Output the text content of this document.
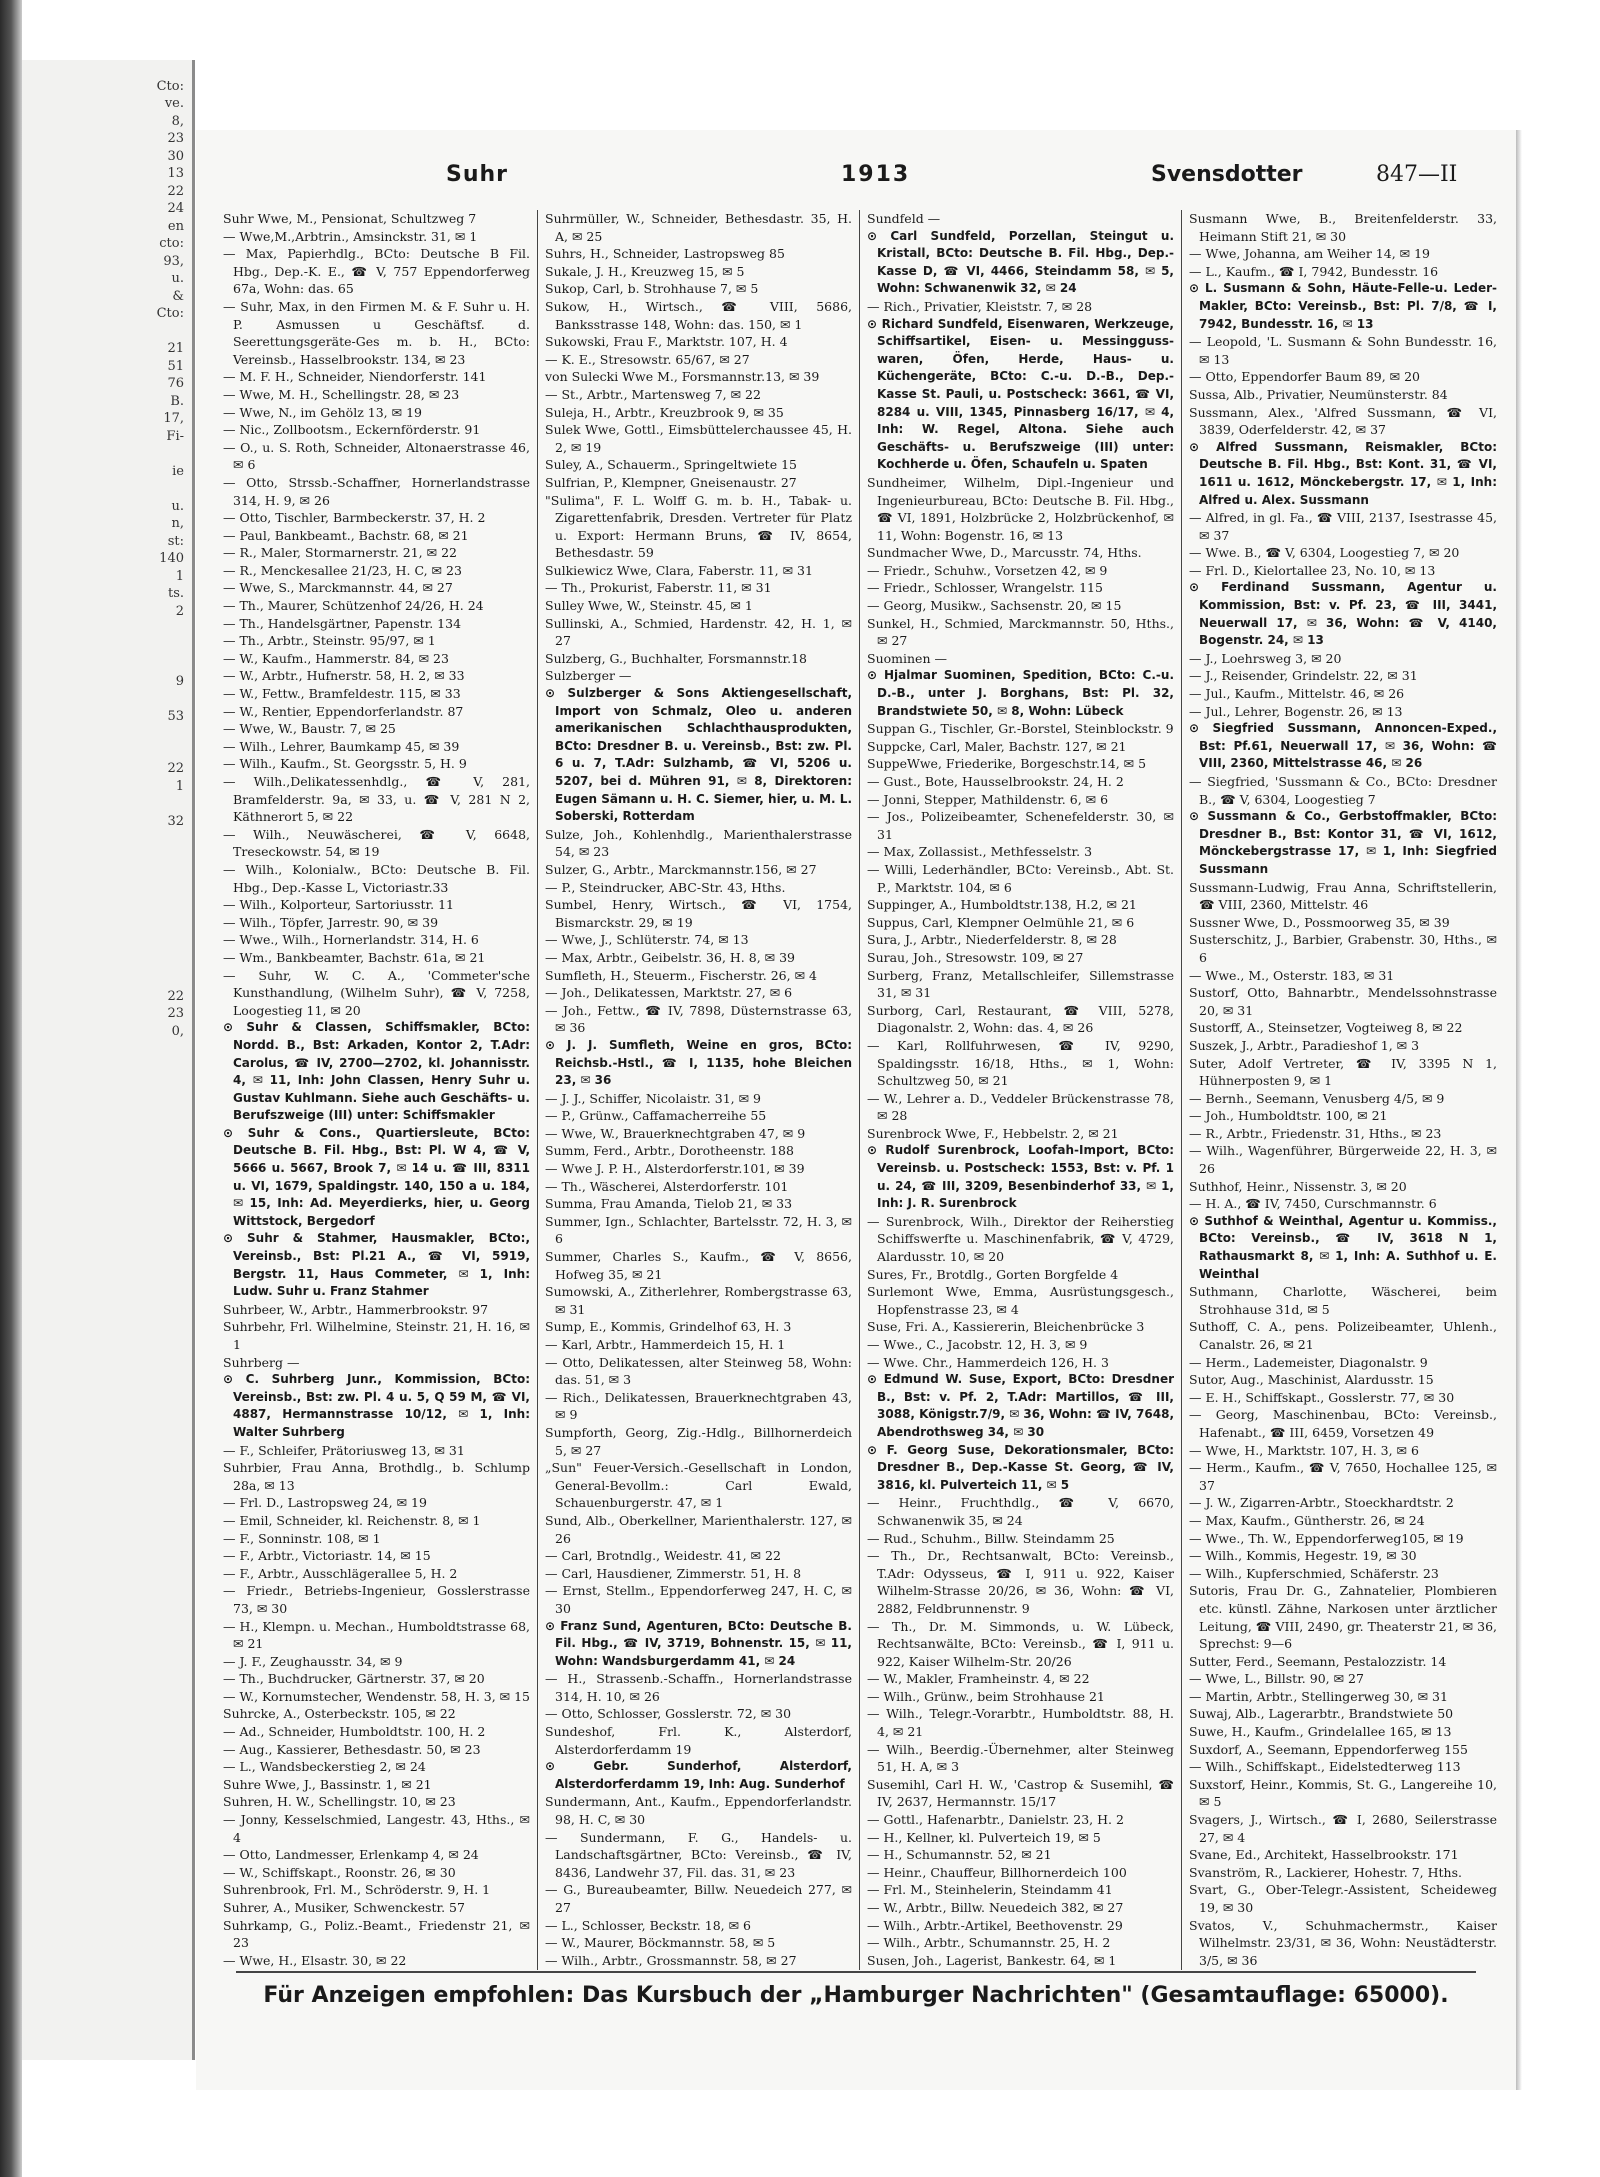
Cto:
ve.
8,
23
30
13
22
24
en
cto:
93,
u.
&
Cto:

21
51
76
B.
17,
Fi-

ie

u.
n,
st:
140
1
ts.
2

9

53

22
1

32

22
23
0,

Suhr	1913	Svensdotter	847—II
Suhr Wwe, M., Pensionat, Schultzweg 7
— Wwe,M.,Arbtrin., Amsinckstr. 31, ✉ 1
— Max, Papierhdlg., BCto: Deutsche B Fil. Hbg., Dep.-K. E., ☎ V, 757 Eppendorferweg 67a, Wohn: das. 65
— Suhr, Max, in den Firmen M. & F. Suhr u. H. P. Asmussen u Geschäftsf. d. Seerettungsgeräte-Ges m. b. H., BCto: Vereinsb., Hasselbrookstr. 134, ✉ 23
— M. F. H., Schneider, Niendorferstr. 141
— Wwe, M. H., Schellingstr. 28, ✉ 23
— Wwe, N., im Gehölz 13, ✉ 19
— Nic., Zollbootsm., Eckernförderstr. 91
— O., u. S. Roth, Schneider, Altonaerstrasse 46, ✉ 6
— Otto, Strssb.-Schaffner, Hornerlandstrasse 314, H. 9, ✉ 26
— Otto, Tischler, Barmbeckerstr. 37, H. 2
— Paul, Bankbeamt., Bachstr. 68, ✉ 21
— R., Maler, Stormarnerstr. 21, ✉ 22
— R., Menckesallee 21/23, H. C, ✉ 23
— Wwe, S., Marckmannstr. 44, ✉ 27
— Th., Maurer, Schützenhof 24/26, H. 24
— Th., Handelsgärtner, Papenstr. 134
— Th., Arbtr., Steinstr. 95/97, ✉ 1
— W., Kaufm., Hammerstr. 84, ✉ 23
— W., Arbtr., Hufnerstr. 58, H. 2, ✉ 33
— W., Fettw., Bramfeldestr. 115, ✉ 33
— W., Rentier, Eppendorferlandstr. 87
— Wwe, W., Baustr. 7, ✉ 25
— Wilh., Lehrer, Baumkamp 45, ✉ 39
— Wilh., Kaufm., St. Georgsstr. 5, H. 9
— Wilh.,Delikatessenhdlg., ☎ V, 281, Bramfelderstr. 9a, ✉ 33, u. ☎ V, 281 N 2, Käthnerort 5, ✉ 22
— Wilh., Neuwäscherei, ☎ V, 6648, Treseckowstr. 54, ✉ 19
— Wilh., Kolonialw., BCto: Deutsche B. Fil. Hbg., Dep.-Kasse L, Victoriastr.33
— Wilh., Kolporteur, Sartoriusstr. 11
— Wilh., Töpfer, Jarrestr. 90, ✉ 39
— Wwe., Wilh., Hornerlandstr. 314, H. 6
— Wm., Bankbeamter, Bachstr. 61a, ✉ 21
— Suhr, W. C. A., 'Commeter'sche Kunsthandlung, (Wilhelm Suhr), ☎ V, 7258, Loogestieg 11, ✉ 20
⊙ Suhr & Classen, Schiffsmakler, BCto: Nordd. B., Bst: Arkaden, Kontor 2, T.Adr: Carolus, ☎ IV, 2700—2702, kl. Johannisstr. 4, ✉ 11, Inh: John Classen, Henry Suhr u. Gustav Kuhlmann. Siehe auch Geschäfts- u. Berufszweige (III) unter: Schiffsmakler
⊙ Suhr & Cons., Quartiersleute, BCto: Deutsche B. Fil. Hbg., Bst: Pl. W 4, ☎ V, 5666 u. 5667, Brook 7, ✉ 14 u. ☎ III, 8311 u. VI, 1679, Spaldingstr. 140, 150 a u. 184, ✉ 15, Inh: Ad. Meyerdierks, hier, u. Georg Wittstock, Bergedorf
⊙ Suhr & Stahmer, Hausmakler, BCto:, Vereinsb., Bst: Pl.21 A., ☎ VI, 5919, Bergstr. 11, Haus Commeter, ✉ 1, Inh: Ludw. Suhr u. Franz Stahmer
Suhrbeer, W., Arbtr., Hammerbrookstr. 97
Suhrbehr, Frl. Wilhelmine, Steinstr. 21, H. 16, ✉ 1
Suhrberg —
⊙ C. Suhrberg Junr., Kommission, BCto: Vereinsb., Bst: zw. Pl. 4 u. 5, Q 59 M, ☎ VI, 4887, Hermannstrasse 10/12, ✉ 1, Inh: Walter Suhrberg
— F., Schleifer, Prätoriusweg 13, ✉ 31
Suhrbier, Frau Anna, Brothdlg., b. Schlump 28a, ✉ 13
— Frl. D., Lastropsweg 24, ✉ 19
— Emil, Schneider, kl. Reichenstr. 8, ✉ 1
— F., Sonninstr. 108, ✉ 1
— F., Arbtr., Victoriastr. 14, ✉ 15
— F., Arbtr., Ausschlägerallee 5, H. 2
— Friedr., Betriebs-Ingenieur, Gosslerstrasse 73, ✉ 30
— H., Klempn. u. Mechan., Humboldtstrasse 68, ✉ 21
— J. F., Zeughausstr. 34, ✉ 9
— Th., Buchdrucker, Gärtnerstr. 37, ✉ 20
— W., Kornumstecher, Wendenstr. 58, H. 3, ✉ 15
Suhrcke, A., Osterbeckstr. 105, ✉ 22
— Ad., Schneider, Humboldtstr. 100, H. 2
— Aug., Kassierer, Bethesdastr. 50, ✉ 23
— L., Wandsbeckerstieg 2, ✉ 24
Suhre Wwe, J., Bassinstr. 1, ✉ 21
Suhren, H. W., Schellingstr. 10, ✉ 23
— Jonny, Kesselschmied, Langestr. 43, Hths., ✉ 4
— Otto, Landmesser, Erlenkamp 4, ✉ 24
— W., Schiffskapt., Roonstr. 26, ✉ 30
Suhrenbrook, Frl. M., Schröderstr. 9, H. 1
Suhrer, A., Musiker, Schwenckestr. 57
Suhrkamp, G., Poliz.-Beamt., Friedenstr 21, ✉ 23
— Wwe, H., Elsastr. 30, ✉ 22
Suhrmüller, W., Schneider, Bethesdastr. 35, H. A, ✉ 25
Suhrs, H., Schneider, Lastropsweg 85
Sukale, J. H., Kreuzweg 15, ✉ 5
Sukop, Carl, b. Strohhause 7, ✉ 5
Sukow, H., Wirtsch., ☎ VIII, 5686, Banksstrasse 148, Wohn: das. 150, ✉ 1
Sukowski, Frau F., Marktstr. 107, H. 4
— K. E., Stresowstr. 65/67, ✉ 27
von Sulecki Wwe M., Forsmannstr.13, ✉ 39
— St., Arbtr., Martensweg 7, ✉ 22
Suleja, H., Arbtr., Kreuzbrook 9, ✉ 35
Sulek Wwe, Gottl., Eimsbüttelerchaussee 45, H. 2, ✉ 19
Suley, A., Schauerm., Springeltwiete 15
Sulfrian, P., Klempner, Gneisenaustr. 27
"Sulima", F. L. Wolff G. m. b. H., Tabak- u. Zigarettenfabrik, Dresden. Vertreter für Platz u. Export: Hermann Bruns, ☎ IV, 8654, Bethesdastr. 59
Sulkiewicz Wwe, Clara, Faberstr. 11, ✉ 31
— Th., Prokurist, Faberstr. 11, ✉ 31
Sulley Wwe, W., Steinstr. 45, ✉ 1
Sullinski, A., Schmied, Hardenstr. 42, H. 1, ✉ 27
Sulzberg, G., Buchhalter, Forsmannstr.18
Sulzberger —
⊙ Sulzberger & Sons Aktiengesellschaft, Import von Schmalz, Oleo u. anderen amerikanischen Schlachthausprodukten, BCto: Dresdner B. u. Vereinsb., Bst: zw. Pl. 6 u. 7, T.Adr: Sulzhamb, ☎ VI, 5206 u. 5207, bei d. Mühren 91, ✉ 8, Direktoren: Eugen Sämann u. H. C. Siemer, hier, u. M. L. Soberski, Rotterdam
Sulze, Joh., Kohlenhdlg., Marienthalerstrasse 54, ✉ 23
Sulzer, G., Arbtr., Marckmannstr.156, ✉ 27
— P., Steindrucker, ABC-Str. 43, Hths.
Sumbel, Henry, Wirtsch., ☎ VI, 1754, Bismarckstr. 29, ✉ 19
— Wwe, J., Schlüterstr. 74, ✉ 13
— Max, Arbtr., Geibelstr. 36, H. 8, ✉ 39
Sumfleth, H., Steuerm., Fischerstr. 26, ✉ 4
— Joh., Delikatessen, Marktstr. 27, ✉ 6
— Joh., Fettw., ☎ IV, 7898, Düsternstrasse 63, ✉ 36
⊙ J. J. Sumfleth, Weine en gros, BCto: Reichsb.-Hstl., ☎ I, 1135, hohe Bleichen 23, ✉ 36
— J. J., Schiffer, Nicolaistr. 31, ✉ 9
— P., Grünw., Caffamacherreihe 55
— Wwe, W., Brauerknechtgraben 47, ✉ 9
Summ, Ferd., Arbtr., Dorotheenstr. 188
— Wwe J. P. H., Alsterdorferstr.101, ✉ 39
— Th., Wäscherei, Alsterdorferstr. 101
Summa, Frau Amanda, Tielob 21, ✉ 33
Summer, Ign., Schlachter, Bartelsstr. 72, H. 3, ✉ 6
Summer, Charles S., Kaufm., ☎ V, 8656, Hofweg 35, ✉ 21
Sumowski, A., Zitherlehrer, Rombergstrasse 63, ✉ 31
Sump, E., Kommis, Grindelhof 63, H. 3
— Karl, Arbtr., Hammerdeich 15, H. 1
— Otto, Delikatessen, alter Steinweg 58, Wohn: das. 51, ✉ 3
— Rich., Delikatessen, Brauerknechtgraben 43, ✉ 9
Sumpforth, Georg, Zig.-Hdlg., Billhornerdeich 5, ✉ 27
„Sun" Feuer-Versich.-Gesellschaft in London, General-Bevollm.: Carl Ewald, Schauenburgerstr. 47, ✉ 1
Sund, Alb., Oberkellner, Marienthalerstr. 127, ✉ 26
— Carl, Brotndlg., Weidestr. 41, ✉ 22
— Carl, Hausdiener, Zimmerstr. 51, H. 8
— Ernst, Stellm., Eppendorferweg 247, H. C, ✉ 30
⊙ Franz Sund, Agenturen, BCto: Deutsche B. Fil. Hbg., ☎ IV, 3719, Bohnenstr. 15, ✉ 11, Wohn: Wandsburgerdamm 41, ✉ 24
— H., Strassenb.-Schaffn., Hornerlandstrasse 314, H. 10, ✉ 26
— Otto, Schlosser, Gosslerstr. 72, ✉ 30
Sundeshof, Frl. K., Alsterdorf, Alsterdorferdamm 19
⊙ Gebr. Sunderhof, Alsterdorf, Alsterdorferdamm 19, Inh: Aug. Sunderhof
Sundermann, Ant., Kaufm., Eppendorferlandstr. 98, H. C, ✉ 30
— Sundermann, F. G., Handels- u. Landschaftsgärtner, BCto: Vereinsb., ☎ IV, 8436, Landwehr 37, Fil. das. 31, ✉ 23
— G., Bureaubeamter, Billw. Neuedeich 277, ✉ 27
— L., Schlosser, Beckstr. 18, ✉ 6
— W., Maurer, Böckmannstr. 58, ✉ 5
— Wilh., Arbtr., Grossmannstr. 58, ✉ 27
Sundfeld —
⊙ Carl Sundfeld, Porzellan, Steingut u. Kristall, BCto: Deutsche B. Fil. Hbg., Dep.-Kasse D, ☎ VI, 4466, Steindamm 58, ✉ 5, Wohn: Schwanenwik 32, ✉ 24
— Rich., Privatier, Kleiststr. 7, ✉ 28
⊙ Richard Sundfeld, Eisenwaren, Werkzeuge, Schiffsartikel, Eisen- u. Messingguss-waren, Öfen, Herde, Haus- u. Küchengeräte, BCto: C.-u. D.-B., Dep.-Kasse St. Pauli, u. Postscheck: 3661, ☎ VI, 8284 u. VIII, 1345, Pinnasberg 16/17, ✉ 4, Inh: W. Regel, Altona. Siehe auch Geschäfts- u. Berufszweige (III) unter: Kochherde u. Öfen, Schaufeln u. Spaten
Sundheimer, Wilhelm, Dipl.-Ingenieur und Ingenieurbureau, BCto: Deutsche B. Fil. Hbg., ☎ VI, 1891, Holzbrücke 2, Holzbrückenhof, ✉ 11, Wohn: Bogenstr. 16, ✉ 13
Sundmacher Wwe, D., Marcusstr. 74, Hths.
— Friedr., Schuhw., Vorsetzen 42, ✉ 9
— Friedr., Schlosser, Wrangelstr. 115
— Georg, Musikw., Sachsenstr. 20, ✉ 15
Sunkel, H., Schmied, Marckmannstr. 50, Hths., ✉ 27
Suominen —
⊙ Hjalmar Suominen, Spedition, BCto: C.-u. D.-B., unter J. Borghans, Bst: Pl. 32, Brandstwiete 50, ✉ 8, Wohn: Lübeck
Suppan G., Tischler, Gr.-Borstel, Steinblockstr. 9
Suppcke, Carl, Maler, Bachstr. 127, ✉ 21
SuppeWwe, Friederike, Borgeschstr.14, ✉ 5
— Gust., Bote, Hausselbrookstr. 24, H. 2
— Jonni, Stepper, Mathildenstr. 6, ✉ 6
— Jos., Polizeibeamter, Schenefelderstr. 30, ✉ 31
— Max, Zollassist., Methfesselstr. 3
— Willi, Lederhändler, BCto: Vereinsb., Abt. St. P., Marktstr. 104, ✉ 6
Suppinger, A., Humboldtstr.138, H.2, ✉ 21
Suppus, Carl, Klempner Oelmühle 21, ✉ 6
Sura, J., Arbtr., Niederfelderstr. 8, ✉ 28
Surau, Joh., Stresowstr. 109, ✉ 27
Surberg, Franz, Metallschleifer, Sillemstrasse 31, ✉ 31
Surborg, Carl, Restaurant, ☎ VIII, 5278, Diagonalstr. 2, Wohn: das. 4, ✉ 26
— Karl, Rollfuhrwesen, ☎ IV, 9290, Spaldingsstr. 16/18, Hths., ✉ 1, Wohn: Schultzweg 50, ✉ 21
— W., Lehrer a. D., Veddeler Brückenstrasse 78, ✉ 28
Surenbrock Wwe, F., Hebbelstr. 2, ✉ 21
⊙ Rudolf Surenbrock, Loofah-Import, BCto: Vereinsb. u. Postscheck: 1553, Bst: v. Pf. 1 u. 24, ☎ III, 3209, Besenbinderhof 33, ✉ 1, Inh: J. R. Surenbrock
— Surenbrock, Wilh., Direktor der Reiherstieg Schiffswerfte u. Maschinenfabrik, ☎ V, 4729, Alardusstr. 10, ✉ 20
Sures, Fr., Brotdlg., Gorten Borgfelde 4
Surlemont Wwe, Emma, Ausrüstungsgesch., Hopfenstrasse 23, ✉ 4
Suse, Fri. A., Kassiererin, Bleichenbrücke 3
— Wwe., C., Jacobstr. 12, H. 3, ✉ 9
— Wwe. Chr., Hammerdeich 126, H. 3
⊙ Edmund W. Suse, Export, BCto: Dresdner B., Bst: v. Pf. 2, T.Adr: Martillos, ☎ III, 3088, Königstr.7/9, ✉ 36, Wohn: ☎ IV, 7648, Abendrothsweg 34, ✉ 30
⊙ F. Georg Suse, Dekorationsmaler, BCto: Dresdner B., Dep.-Kasse St. Georg, ☎ IV, 3816, kl. Pulverteich 11, ✉ 5
— Heinr., Fruchthdlg., ☎ V, 6670, Schwanenwik 35, ✉ 24
— Rud., Schuhm., Billw. Steindamm 25
— Th., Dr., Rechtsanwalt, BCto: Vereinsb., T.Adr: Odysseus, ☎ I, 911 u. 922, Kaiser Wilhelm-Strasse 20/26, ✉ 36, Wohn: ☎ VI, 2882, Feldbrunnenstr. 9
— Th., Dr. M. Simmonds, u. W. Lübeck, Rechtsanwälte, BCto: Vereinsb., ☎ I, 911 u. 922, Kaiser Wilhelm-Str. 20/26
— W., Makler, Framheinstr. 4, ✉ 22
— Wilh., Grünw., beim Strohhause 21
— Wilh., Telegr.-Vorarbtr., Humboldtstr. 88, H. 4, ✉ 21
— Wilh., Beerdig.-Übernehmer, alter Steinweg 51, H. A, ✉ 3
Susemihl, Carl H. W., 'Castrop & Susemihl, ☎ IV, 2637, Hermannstr. 15/17
— Gottl., Hafenarbtr., Danielstr. 23, H. 2
— H., Kellner, kl. Pulverteich 19, ✉ 5
— H., Schumannstr. 52, ✉ 21
— Heinr., Chauffeur, Billhornerdeich 100
— Frl. M., Steinhelerin, Steindamm 41
— W., Arbtr., Billw. Neuedeich 382, ✉ 27
— Wilh., Arbtr.-Artikel, Beethovenstr. 29
— Wilh., Arbtr., Schumannstr. 25, H. 2
Susen, Joh., Lagerist, Bankestr. 64, ✉ 1
Susmann Wwe, B., Breitenfelderstr. 33, Heimann Stift 21, ✉ 30
— Wwe, Johanna, am Weiher 14, ✉ 19
— L., Kaufm., ☎ I, 7942, Bundesstr. 16
⊙ L. Susmann & Sohn, Häute-Felle-u. Leder-Makler, BCto: Vereinsb., Bst: Pl. 7/8, ☎ I, 7942, Bundesstr. 16, ✉ 13
— Leopold, 'L. Susmann & Sohn Bundesstr. 16, ✉ 13
— Otto, Eppendorfer Baum 89, ✉ 20
Sussa, Alb., Privatier, Neumünsterstr. 84
Sussmann, Alex., 'Alfred Sussmann, ☎ VI, 3839, Oderfelderstr. 42, ✉ 37
⊙ Alfred Sussmann, Reismakler, BCto: Deutsche B. Fil. Hbg., Bst: Kont. 31, ☎ VI, 1611 u. 1612, Mönckebergstr. 17, ✉ 1, Inh: Alfred u. Alex. Sussmann
— Alfred, in gl. Fa., ☎ VIII, 2137, Isestrasse 45, ✉ 37
— Wwe. B., ☎ V, 6304, Loogestieg 7, ✉ 20
— Frl. D., Kielortallee 23, No. 10, ✉ 13
⊙ Ferdinand Sussmann, Agentur u. Kommission, Bst: v. Pf. 23, ☎ III, 3441, Neuerwall 17, ✉ 36, Wohn: ☎ V, 4140, Bogenstr. 24, ✉ 13
— J., Loehrsweg 3, ✉ 20
— J., Reisender, Grindelstr. 22, ✉ 31
— Jul., Kaufm., Mittelstr. 46, ✉ 26
— Jul., Lehrer, Bogenstr. 26, ✉ 13
⊙ Siegfried Sussmann, Annoncen-Exped., Bst: Pf.61, Neuerwall 17, ✉ 36, Wohn: ☎ VIII, 2360, Mittelstrasse 46, ✉ 26
— Siegfried, 'Sussmann & Co., BCto: Dresdner B., ☎ V, 6304, Loogestieg 7
⊙ Sussmann & Co., Gerbstoffmakler, BCto: Dresdner B., Bst: Kontor 31, ☎ VI, 1612, Mönckebergstrasse 17, ✉ 1, Inh: Siegfried Sussmann
Sussmann-Ludwig, Frau Anna, Schriftstellerin, ☎ VIII, 2360, Mittelstr. 46
Sussner Wwe, D., Possmoorweg 35, ✉ 39
Susterschitz, J., Barbier, Grabenstr. 30, Hths., ✉ 6
— Wwe., M., Osterstr. 183, ✉ 31
Sustorf, Otto, Bahnarbtr., Mendelssohnstrasse 20, ✉ 31
Sustorff, A., Steinsetzer, Vogteiweg 8, ✉ 22
Suszek, J., Arbtr., Paradieshof 1, ✉ 3
Suter, Adolf Vertreter, ☎ IV, 3395 N 1, Hühnerposten 9, ✉ 1
— Bernh., Seemann, Venusberg 4/5, ✉ 9
— Joh., Humboldtstr. 100, ✉ 21
— R., Arbtr., Friedenstr. 31, Hths., ✉ 23
— Wilh., Wagenführer, Bürgerweide 22, H. 3, ✉ 26
Suthhof, Heinr., Nissenstr. 3, ✉ 20
— H. A., ☎ IV, 7450, Curschmannstr. 6
⊙ Suthhof & Weinthal, Agentur u. Kommiss., BCto: Vereinsb., ☎ IV, 3618 N 1, Rathausmarkt 8, ✉ 1, Inh: A. Suthhof u. E. Weinthal
Suthmann, Charlotte, Wäscherei, beim Strohhause 31d, ✉ 5
Suthoff, C. A., pens. Polizeibeamter, Uhlenh., Canalstr. 26, ✉ 21
— Herm., Lademeister, Diagonalstr. 9
Sutor, Aug., Maschinist, Alardusstr. 15
— E. H., Schiffskapt., Gosslerstr. 77, ✉ 30
— Georg, Maschinenbau, BCto: Vereinsb., Hafenabt., ☎ III, 6459, Vorsetzen 49
— Wwe, H., Marktstr. 107, H. 3, ✉ 6
— Herm., Kaufm., ☎ V, 7650, Hochallee 125, ✉ 37
— J. W., Zigarren-Arbtr., Stoeckhardtstr. 2
— Max, Kaufm., Güntherstr. 26, ✉ 24
— Wwe., Th. W., Eppendorferweg105, ✉ 19
— Wilh., Kommis, Hegestr. 19, ✉ 30
— Wilh., Kupferschmied, Schäferstr. 23
Sutoris, Frau Dr. G., Zahnatelier, Plombieren etc. künstl. Zähne, Narkosen unter ärztlicher Leitung, ☎ VIII, 2490, gr. Theaterstr 21, ✉ 36, Sprechst: 9—6
Sutter, Ferd., Seemann, Pestalozzistr. 14
— Wwe, L., Billstr. 90, ✉ 27
— Martin, Arbtr., Stellingerweg 30, ✉ 31
Suwaj, Alb., Lagerarbtr., Brandstwiete 50
Suwe, H., Kaufm., Grindelallee 165, ✉ 13
Suxdorf, A., Seemann, Eppendorferweg 155
— Wilh., Schiffskapt., Eidelstedterweg 113
Suxstorf, Heinr., Kommis, St. G., Langereihe 10, ✉ 5
Svagers, J., Wirtsch., ☎ I, 2680, Seilerstrasse 27, ✉ 4
Svane, Ed., Architekt, Hasselbrookstr. 171
Svanström, R., Lackierer, Hohestr. 7, Hths.
Svart, G., Ober-Telegr.-Assistent, Scheideweg 19, ✉ 30
Svatos, V., Schuhmachermstr., Kaiser Wilhelmstr. 23/31, ✉ 36, Wohn: Neustädterstr. 3/5, ✉ 36
Für Anzeigen empfohlen: Das Kursbuch der „Hamburger Nachrichten" (Gesamtauflage: 65000).
